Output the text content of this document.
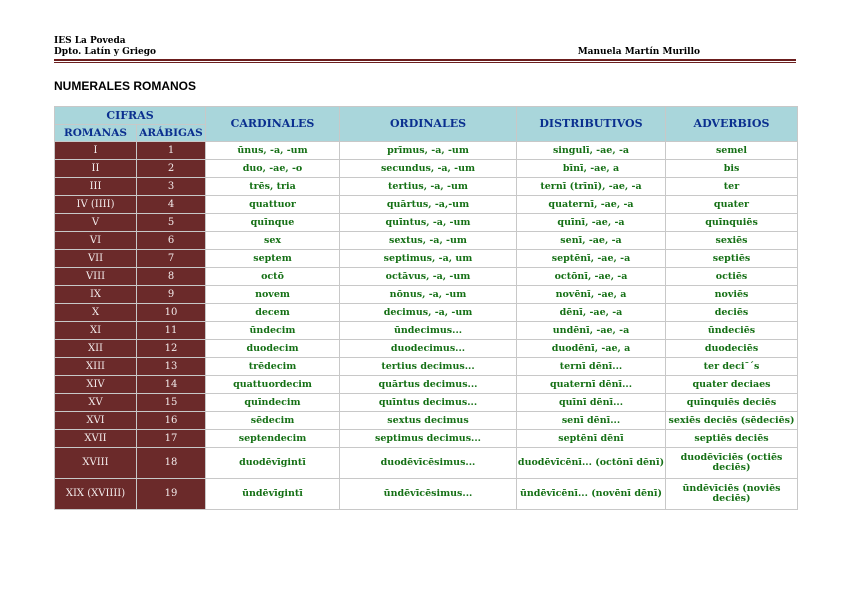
IES La Poveda
Dpto. Latín y Griego	Manuela Martín Murillo
NUMERALES ROMANOS
CIFRAS		CARDINALES	ORDINALES	DISTRIBUTIVOS	ADVERBIOS
ROMANAS	ARÁBIGAS				
I	1	ūnus, -a, -um	prīmus, -a, -um	singulī, -ae, -a	semel
II	2	duo, -ae, -o	secundus, -a, -um	bīnī, -ae, a	bis
III	3	trēs, tria	tertius, -a, -um	ternī (trīnī), -ae, -a	ter
IV (IIII)	4	quattuor	quārtus, -a,-um	quaternī, -ae, -a	quater
V	5	quīnque	quīntus, -a, -um	quīnī, -ae, -a	quīnquiēs
VI	6	sex	sextus, -a, -um	senī, -ae, -a	sexiēs
VII	7	septem	septimus, -a, um	septēnī, -ae, -a	septiēs
VIII	8	octō	octāvus, -a, -um	octōnī, -ae, -a	octiēs
IX	9	novem	nōnus, -a, -um	novēnī, -ae, a	noviēs
X	10	decem	decimus, -a, -um	dēnī, -ae, -a	deciēs
XI	11	ūndecim	ūndecimus...	undēnī, -ae, -a	ūndeciēs
XII	12	duodecim	duodecimus...	duodēnī, -ae, a	duodeciēs
XIII	13	trēdecim	tertius decimus...	ternī dēnī...	ter deci¯´s
XIV	14	quattuordecim	quārtus decimus...	quaternī dēnī...	quater deciaes
XV	15	quīndecim	quīntus decimus...	quīnī dēnī...	quīnquiēs deciēs
XVI	16	sēdecim	sextus decimus	senī dēnī...	sexiēs deciēs (sēdeciēs)
XVII	17	septendecim	septimus decimus...	septēnī dēnī	septiēs deciēs
XVIII	18	duodēvīgintī	duodēvīcēsimus...	duodēvīcēnī... (octōnī dēnī)	duodēvīciēs (octiēs deciēs)
XIX (XVIIII)	19	ūndēvīgintī	ūndēvīcēsimus...	ūndēvīcēnī... (novēnī dēnī)	ūndēvīciēs (noviēs deciēs)
